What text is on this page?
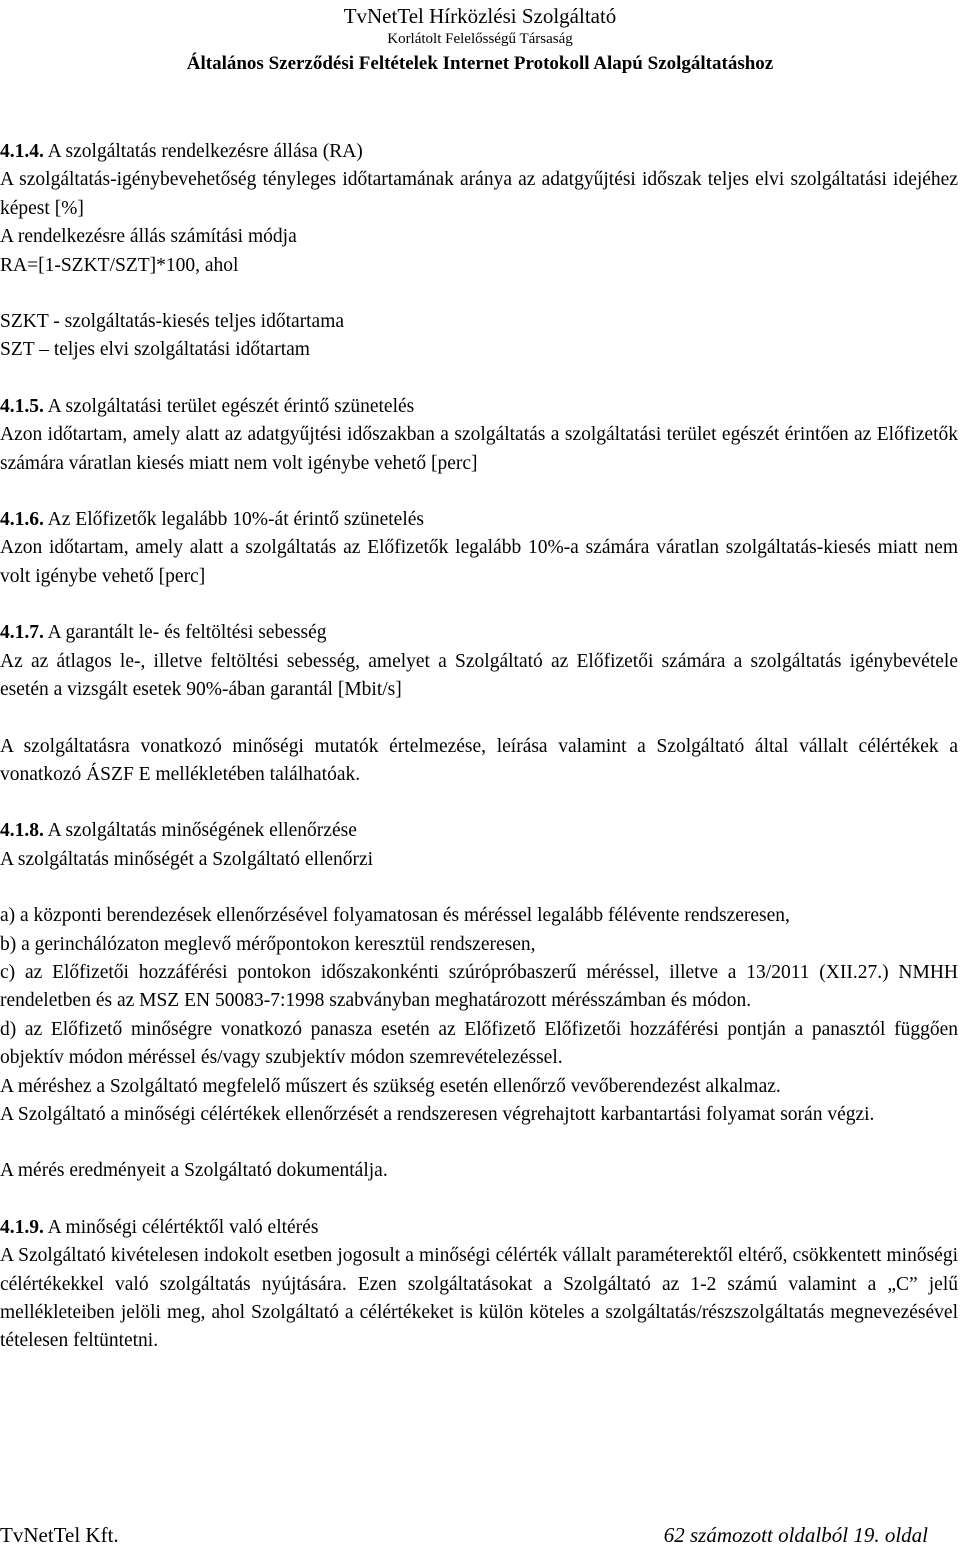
TvNetTel Hírközlési Szolgáltató
Korlátolt Felelősségű Társaság
Általános Szerződési Feltételek Internet Protokoll Alapú Szolgáltatáshoz

4.1.4. A szolgáltatás rendelkezésre állása (RA)

A szolgáltatás-igénybevehetőség tényleges időtartamának aránya az adatgyűjtési időszak teljes elvi szolgáltatási idejéhez képest [%]

A rendelkezésre állás számítási módja

RA=[1-SZKT/SZT]*100, ahol

SZKT - szolgáltatás-kiesés teljes időtartama

SZT – teljes elvi szolgáltatási időtartam

4.1.5. A szolgáltatási terület egészét érintő szünetelés

Azon időtartam, amely alatt az adatgyűjtési időszakban a szolgáltatás a szolgáltatási terület egészét érintően az Előfizetők számára váratlan kiesés miatt nem volt igénybe vehető [perc]

4.1.6. Az Előfizetők legalább 10%-át érintő szünetelés

Azon időtartam, amely alatt a szolgáltatás az Előfizetők legalább 10%-a számára váratlan szolgáltatás-kiesés miatt nem volt igénybe vehető [perc]

4.1.7. A garantált le- és feltöltési sebesség

Az az átlagos le-, illetve feltöltési sebesség, amelyet a Szolgáltató az Előfizetői számára a szolgáltatás igénybevétele esetén a vizsgált esetek 90%-ában garantál [Mbit/s]

A szolgáltatásra vonatkozó minőségi mutatók értelmezése, leírása valamint a Szolgáltató által vállalt célértékek a vonatkozó ÁSZF E mellékletében találhatóak.

4.1.8. A szolgáltatás minőségének ellenőrzése

A szolgáltatás minőségét a Szolgáltató ellenőrzi

a) a központi berendezések ellenőrzésével folyamatosan és méréssel legalább félévente rendszeresen,

b) a gerinchálózaton meglevő mérőpontokon keresztül rendszeresen,

c) az Előfizetői hozzáférési pontokon időszakonkénti szúrópróbaszerű méréssel, illetve a 13/2011 (XII.27.) NMHH rendeletben és az MSZ EN 50083-7:1998 szabványban meghatározott mérésszámban és módon.

d) az Előfizető minőségre vonatkozó panasza esetén az Előfizető Előfizetői hozzáférési pontján a panasztól függően objektív módon méréssel és/vagy szubjektív módon szemrevételezéssel.

A méréshez a Szolgáltató megfelelő műszert és szükség esetén ellenőrző vevőberendezést alkalmaz.

A Szolgáltató a minőségi célértékek ellenőrzését a rendszeresen végrehajtott karbantartási folyamat során végzi.

A mérés eredményeit a Szolgáltató dokumentálja.

4.1.9. A minőségi célértéktől való eltérés

A Szolgáltató kivételesen indokolt esetben jogosult a minőségi célérték vállalt paraméterektől eltérő, csökkentett minőségi célértékekkel való szolgáltatás nyújtására. Ezen szolgáltatásokat a Szolgáltató az 1-2 számú valamint a „C” jelű mellékleteiben jelöli meg, ahol Szolgáltató a célértékeket is külön köteles a szolgáltatás/részszolgáltatás megnevezésével tételesen feltüntetni.

TvNetTel Kft.	62 számozott oldalból 19. oldal
